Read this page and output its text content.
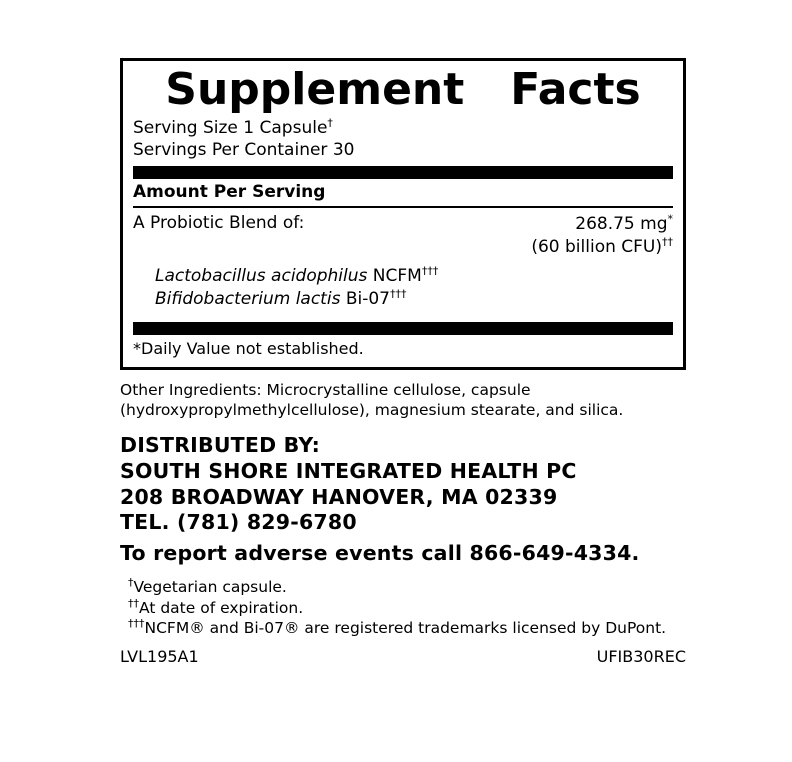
Supplement   Facts
Serving Size 1 Capsule†
Servings Per Container 30
Amount Per Serving
A Probiotic Blend of:	268.75 mg*
(60 billion CFU)††
Lactobacillus acidophilus NCFM†††
Bifidobacterium lactis Bi-07†††
*Daily Value not established.
Other Ingredients: Microcrystalline cellulose, capsule (hydroxypropylmethylcellulose), magnesium stearate, and silica.
DISTRIBUTED BY:
SOUTH SHORE INTEGRATED HEALTH PC
208 BROADWAY HANOVER, MA 02339
TEL. (781) 829-6780
To report adverse events call 866-649-4334.
†Vegetarian capsule.
††At date of expiration.
†††NCFM® and Bi-07® are registered trademarks licensed by DuPont.
LVL195A1	UFIB30REC
